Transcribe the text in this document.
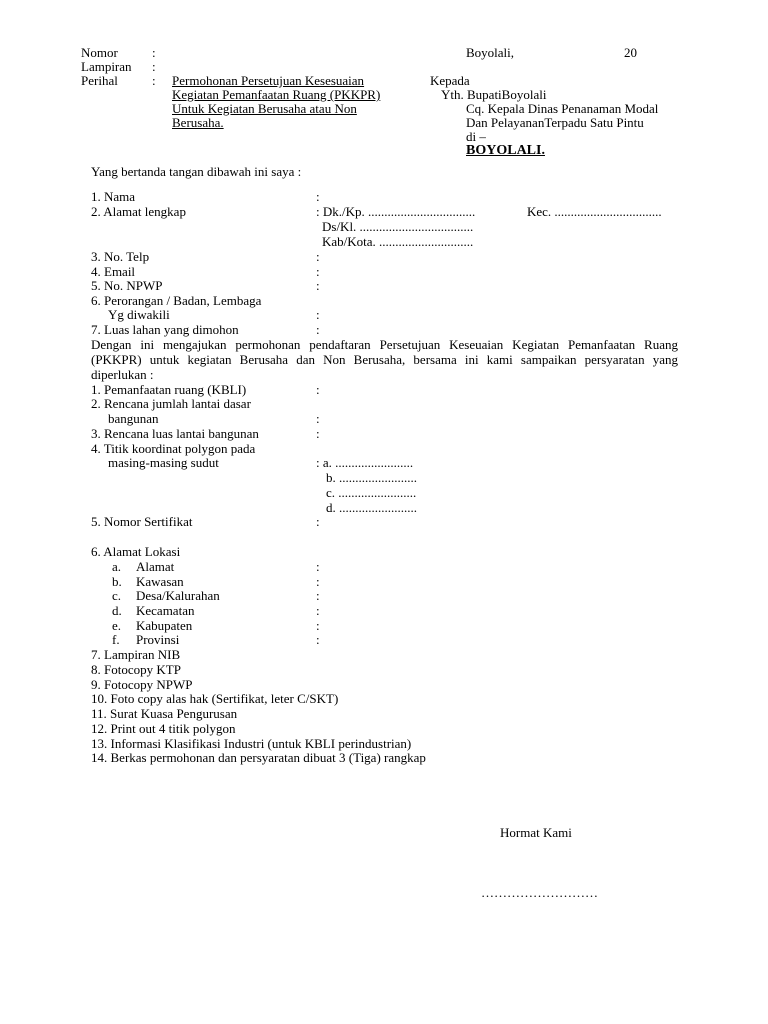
Nomor	:
Lampiran :
Perihal	: Permohonan Persetujuan Kesesuaian
Kegiatan Pemanfaatan Ruang (PKKPR)
Untuk Kegiatan Berusaha atau Non
Berusaha.
Boyolali,	20
Kepada
Yth. BupatiBoyolali
Cq. Kepala Dinas Penanaman Modal
Dan PelayananTerpadu Satu Pintu
di –
BOYOLALI.
Yang bertanda tangan dibawah ini saya :
1. Nama	:
2. Alamat lengkap	: Dk./Kp. .................................	Kec. .................................
Ds/Kl. ...................................
Kab/Kota. .............................
3. No. Telp	:
4. Email	:
5. No. NPWP	:
6. Perorangan / Badan, Lembaga
Yg diwakili	:
7. Luas lahan yang dimohon	:
Dengan ini mengajukan permohonan pendaftaran Persetujuan Keseuaian Kegiatan Pemanfaatan Ruang
(PKKPR) untuk kegiatan Berusaha dan Non Berusaha, bersama ini kami sampaikan persyaratan yang
diperlukan :
1. Pemanfaatan ruang (KBLI)	:
2. Rencana jumlah lantai dasar
bangunan	:
3. Rencana luas lantai bangunan	:
4. Titik koordinat polygon pada
masing-masing sudut	: a. ........................
b. ........................
c. ........................
d. ........................
5. Nomor Sertifikat	:
6. Alamat Lokasi
a. Alamat	:
b. Kawasan	:
c. Desa/Kalurahan	:
d. Kecamatan	:
e. Kabupaten	:
f. Provinsi	:
7. Lampiran NIB
8. Fotocopy KTP
9. Fotocopy NPWP
10. Foto copy alas hak (Sertifikat, leter C/SKT)
11. Surat Kuasa Pengurusan
12. Print out 4 titik polygon
13. Informasi Klasifikasi Industri (untuk KBLI perindustrian)
14. Berkas permohonan dan persyaratan dibuat 3 (Tiga) rangkap
Hormat Kami
………………………
